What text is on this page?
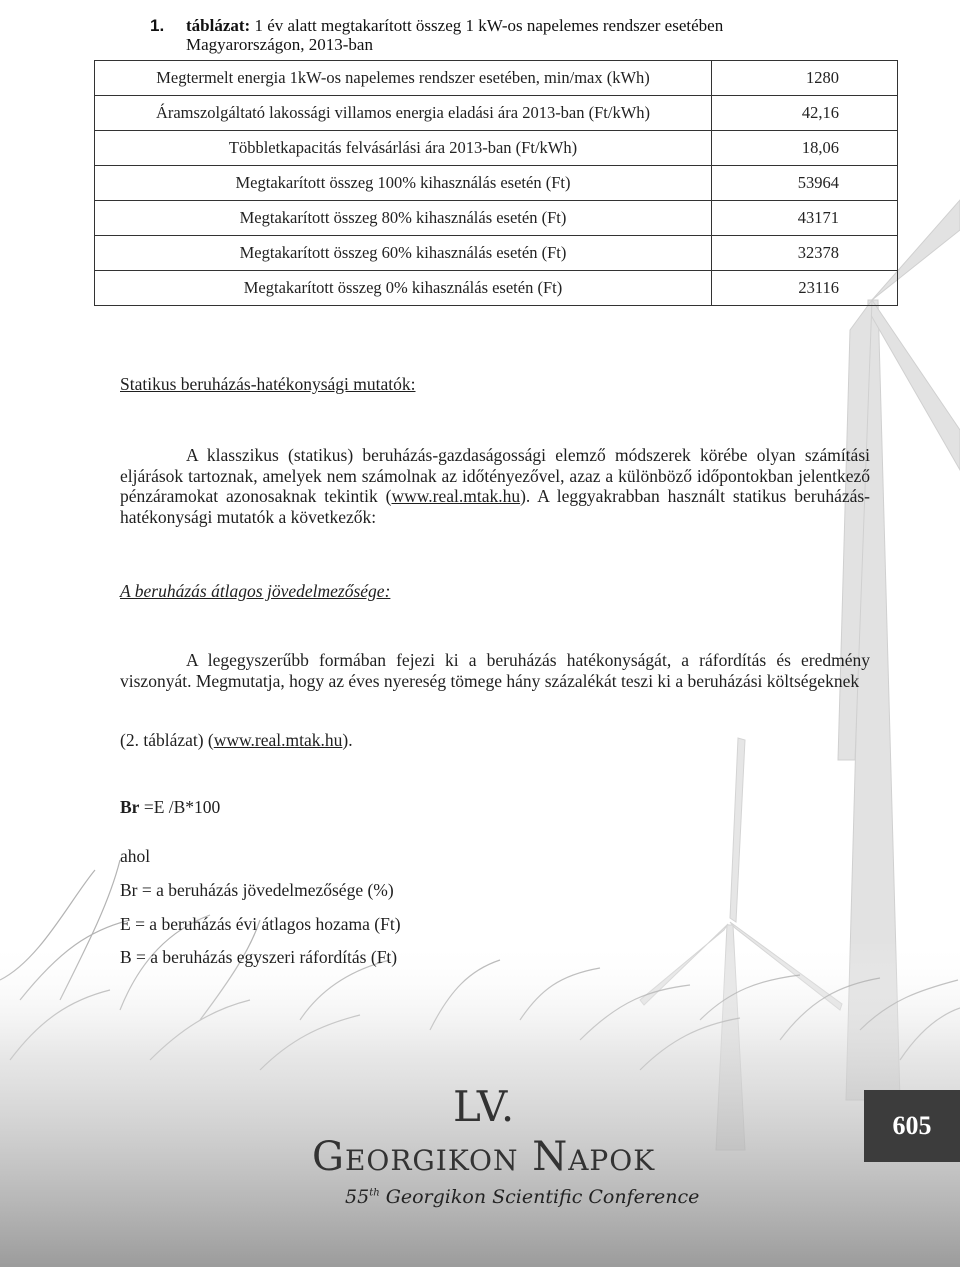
1. táblázat: 1 év alatt megtakarított összeg 1 kW-os napelemes rendszer esetében
Magyarországon, 2013-ban
Megtermelt energia 1kW-os napelemes rendszer esetében, min/max (kWh)	1280
Áramszolgáltató lakossági villamos energia eladási ára 2013-ban (Ft/kWh)	42,16
Többletkapacitás felvásárlási ára 2013-ban (Ft/kWh)	18,06
Megtakarított összeg 100% kihasználás esetén (Ft)	53964
Megtakarított összeg 80% kihasználás esetén (Ft)	43171
Megtakarított összeg 60% kihasználás esetén (Ft)	32378
Megtakarított összeg 0% kihasználás esetén (Ft)	23116
Statikus beruházás-hatékonysági mutatók:
A klasszikus (statikus) beruházás-gazdaságossági elemző módszerek körébe olyan számítási eljárások tartoznak, amelyek nem számolnak az időtényezővel, azaz a különböző időpontokban jelentkező pénzáramokat azonosaknak tekintik (www.real.mtak.hu). A leggyakrabban használt statikus beruházás-hatékonysági mutatók a következők:
A beruházás átlagos jövedelmezősége:
A legegyszerűbb formában fejezi ki a beruházás hatékonyságát, a ráfordítás és eredmény viszonyát. Megmutatja, hogy az éves nyereség tömege hány százalékát teszi ki a beruházási költségeknek
(2. táblázat) (www.real.mtak.hu).
Br =E /B*100
ahol
Br = a beruházás jövedelmezősége (%)
E = a beruházás évi átlagos hozama (Ft)
B = a beruházás egyszeri ráfordítás (Ft)
LV.
Georgikon Napok
55th Georgikon Scientific Conference
605
